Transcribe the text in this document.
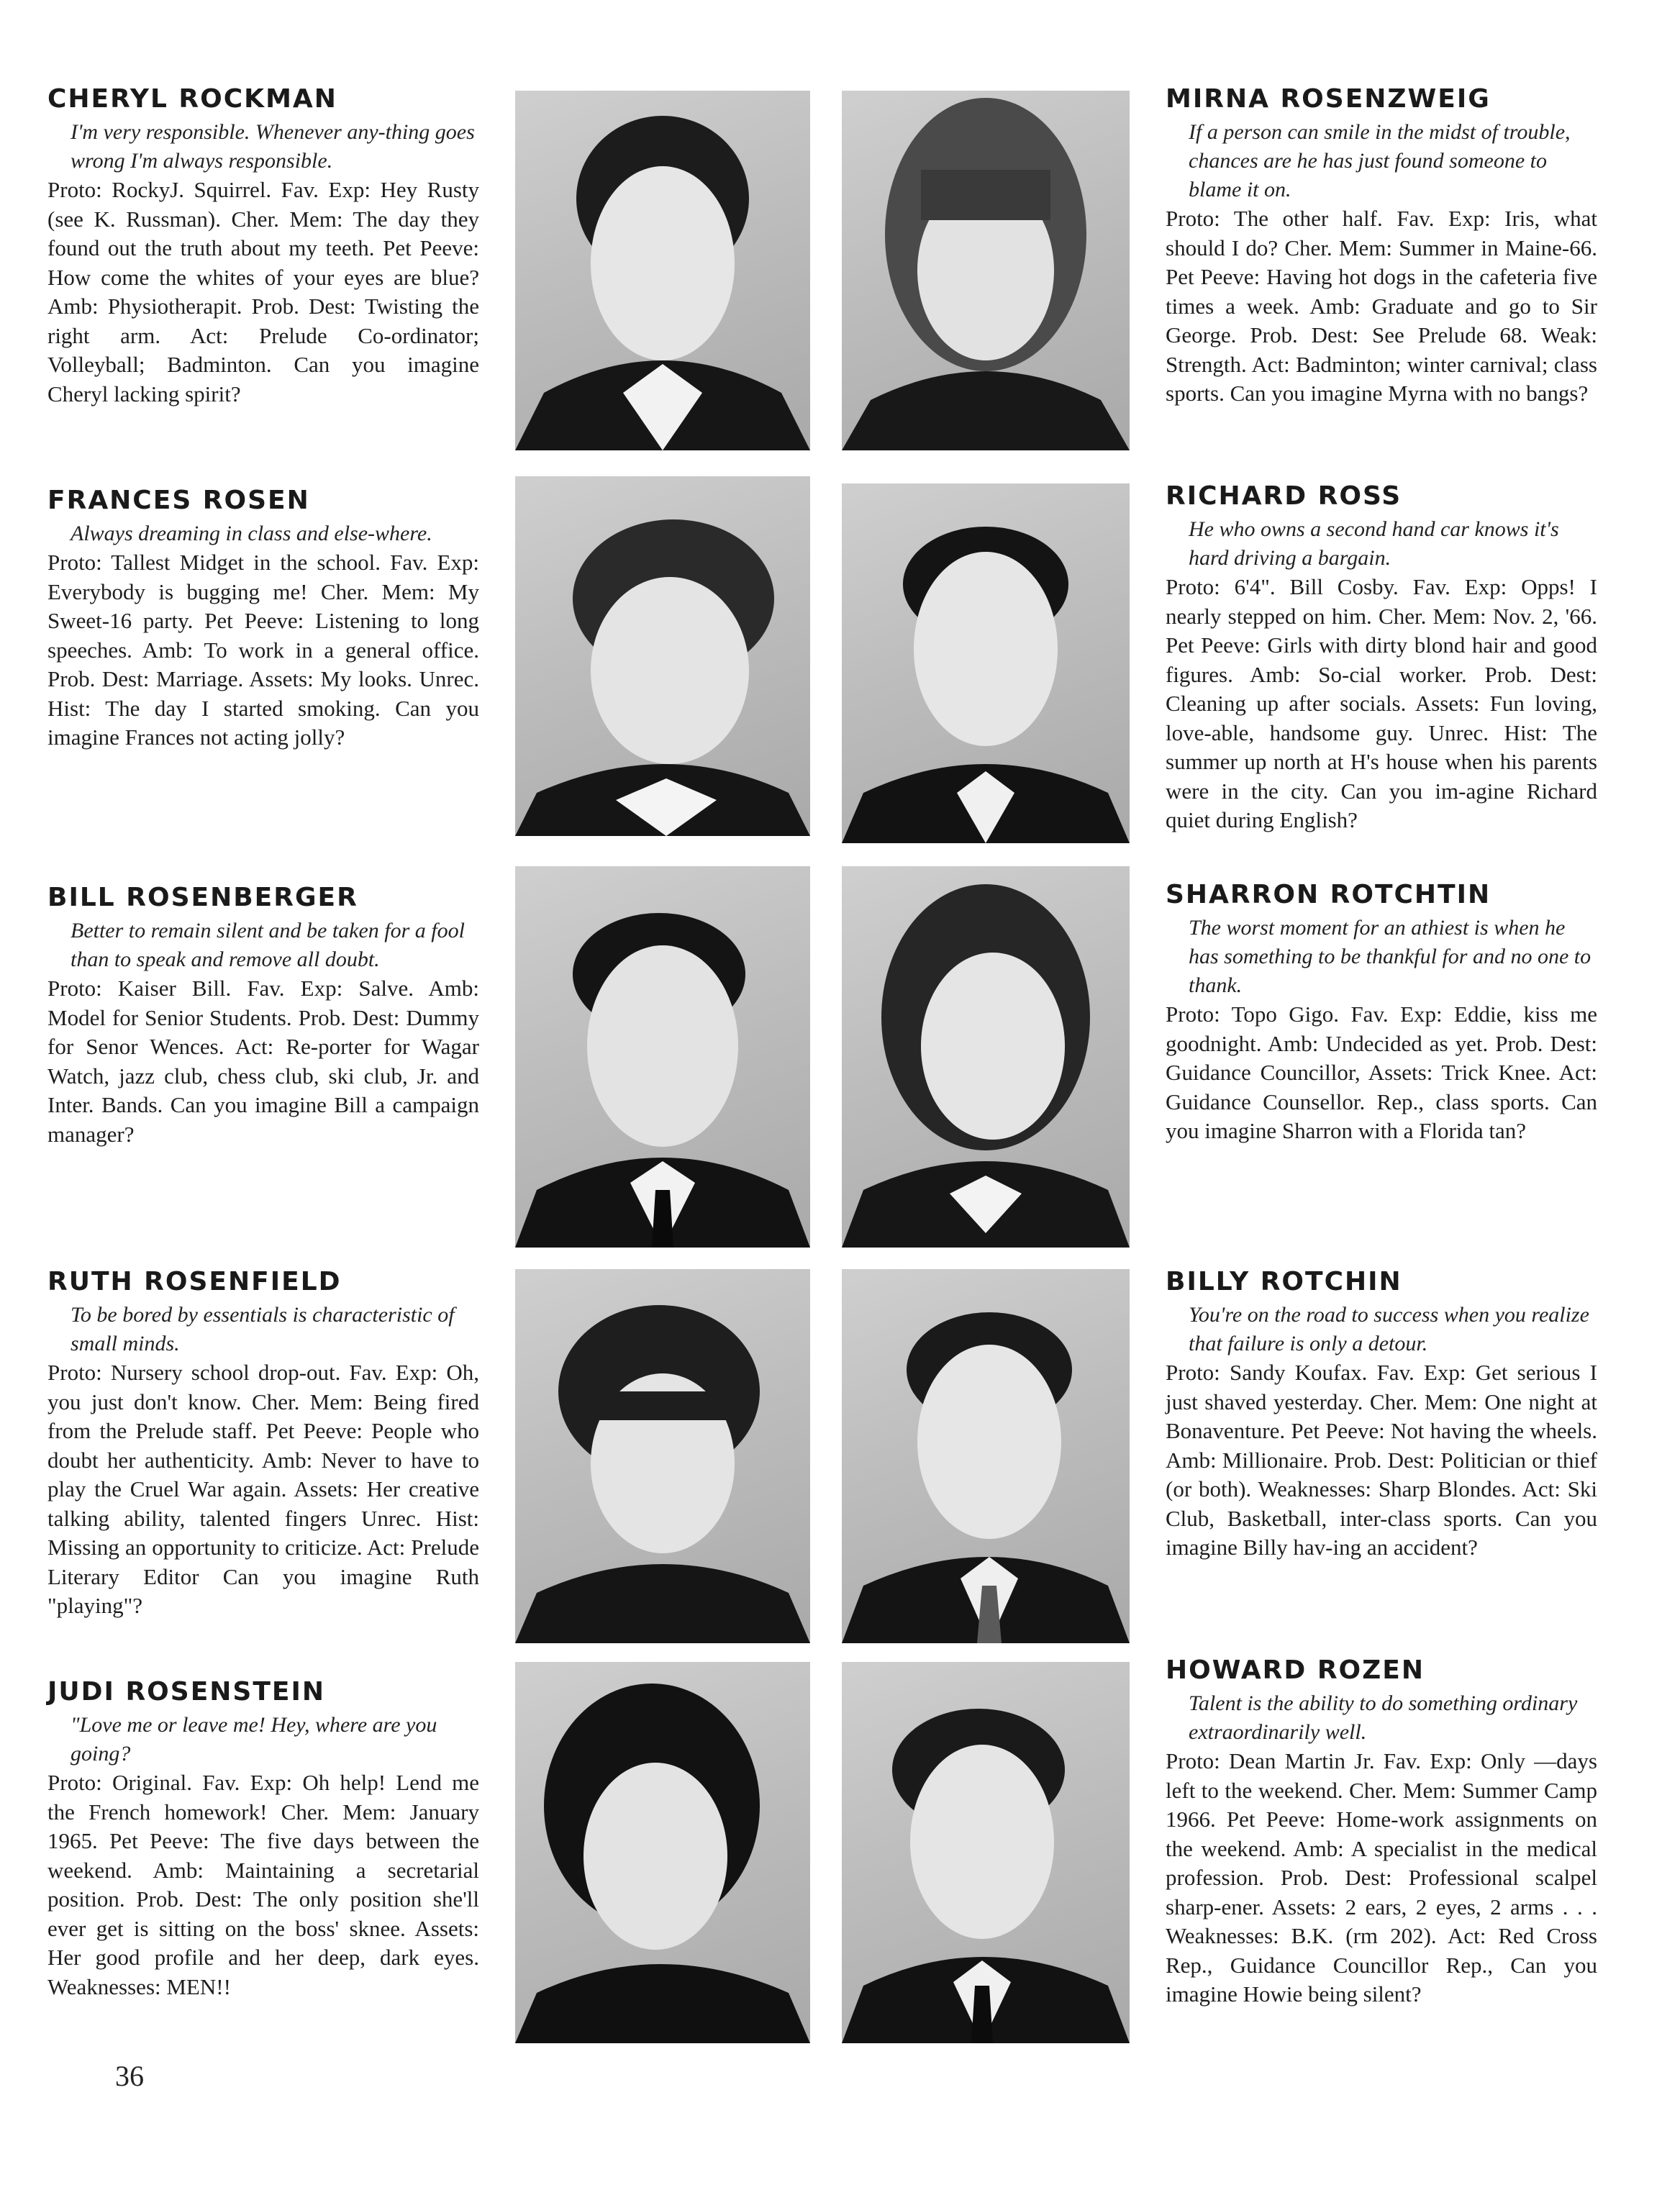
CHERYL ROCKMAN
I'm very responsible. Whenever any-thing goes wrong I'm always responsible.
Proto: RockyJ. Squirrel. Fav. Exp: Hey Rusty (see K. Russman). Cher. Mem: The day they found out the truth about my teeth. Pet Peeve: How come the whites of your eyes are blue? Amb: Physiotherapit. Prob. Dest: Twisting the right arm. Act: Prelude Co-ordinator; Volleyball; Badminton. Can you imagine Cheryl lacking spirit?
FRANCES ROSEN
Always dreaming in class and else-where.
Proto: Tallest Midget in the school. Fav. Exp: Everybody is bugging me! Cher. Mem: My Sweet-16 party. Pet Peeve: Listening to long speeches. Amb: To work in a general office. Prob. Dest: Marriage. Assets: My looks. Unrec. Hist: The day I started smoking. Can you imagine Frances not acting jolly?
BILL ROSENBERGER
Better to remain silent and be taken for a fool than to speak and remove all doubt.
Proto: Kaiser Bill. Fav. Exp: Salve. Amb: Model for Senior Students. Prob. Dest: Dummy for Senor Wences. Act: Re-porter for Wagar Watch, jazz club, chess club, ski club, Jr. and Inter. Bands. Can you imagine Bill a campaign manager?
RUTH ROSENFIELD
To be bored by essentials is characteristic of small minds.
Proto: Nursery school drop-out. Fav. Exp: Oh, you just don't know. Cher. Mem: Being fired from the Prelude staff. Pet Peeve: People who doubt her authenticity. Amb: Never to have to play the Cruel War again. Assets: Her creative talking ability, talented fingers Unrec. Hist: Missing an opportunity to criticize. Act: Prelude Literary Editor Can you imagine Ruth "playing"?
JUDI ROSENSTEIN
"Love me or leave me! Hey, where are you going?
Proto: Original. Fav. Exp: Oh help! Lend me the French homework! Cher. Mem: January 1965. Pet Peeve: The five days between the weekend. Amb: Maintaining a secretarial position. Prob. Dest: The only position she'll ever get is sitting on the boss' sknee. Assets: Her good profile and her deep, dark eyes. Weaknesses: MEN!!
MIRNA ROSENZWEIG
If a person can smile in the midst of trouble, chances are he has just found someone to blame it on.
Proto: The other half. Fav. Exp: Iris, what should I do? Cher. Mem: Summer in Maine-66. Pet Peeve: Having hot dogs in the cafeteria five times a week. Amb: Graduate and go to Sir George. Prob. Dest: See Prelude 68. Weak: Strength. Act: Badminton; winter carnival; class sports. Can you imagine Myrna with no bangs?
RICHARD ROSS
He who owns a second hand car knows it's hard driving a bargain.
Proto: 6'4". Bill Cosby. Fav. Exp: Opps! I nearly stepped on him. Cher. Mem: Nov. 2, '66. Pet Peeve: Girls with dirty blond hair and good figures. Amb: So-cial worker. Prob. Dest: Cleaning up after socials. Assets: Fun loving, love-able, handsome guy. Unrec. Hist: The summer up north at H's house when his parents were in the city. Can you im-agine Richard quiet during English?
SHARRON ROTCHTIN
The worst moment for an athiest is when he has something to be thankful for and no one to thank.
Proto: Topo Gigo. Fav. Exp: Eddie, kiss me goodnight. Amb: Undecided as yet. Prob. Dest: Guidance Councillor, Assets: Trick Knee. Act: Guidance Counsellor. Rep., class sports. Can you imagine Sharron with a Florida tan?
BILLY ROTCHIN
You're on the road to success when you realize that failure is only a detour.
Proto: Sandy Koufax. Fav. Exp: Get serious I just shaved yesterday. Cher. Mem: One night at Bonaventure. Pet Peeve: Not having the wheels. Amb: Millionaire. Prob. Dest: Politician or thief (or both). Weaknesses: Sharp Blondes. Act: Ski Club, Basketball, inter-class sports. Can you imagine Billy hav-ing an accident?
HOWARD ROZEN
Talent is the ability to do something ordinary extraordinarily well.
Proto: Dean Martin Jr. Fav. Exp: Only —days left to the weekend. Cher. Mem: Summer Camp 1966. Pet Peeve: Home-work assignments on the weekend. Amb: A specialist in the medical profession. Prob. Dest: Professional scalpel sharp-ener. Assets: 2 ears, 2 eyes, 2 arms . . . Weaknesses: B.K. (rm 202). Act: Red Cross Rep., Guidance Councillor Rep., Can you imagine Howie being silent?
36
